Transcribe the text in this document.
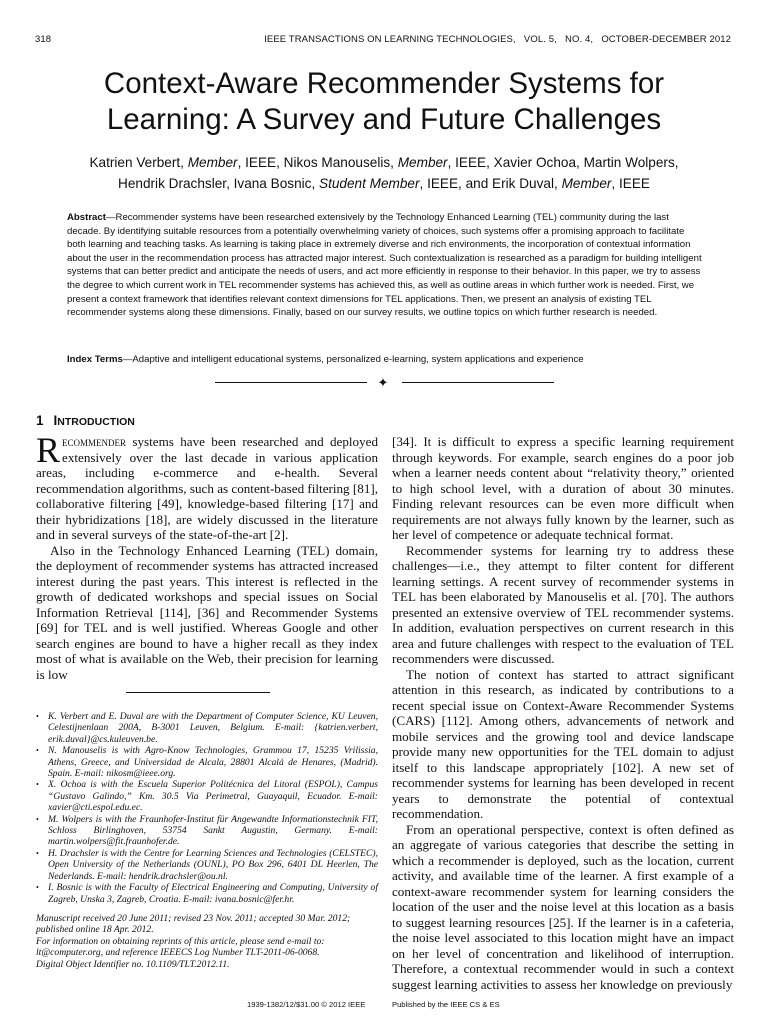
318	IEEE TRANSACTIONS ON LEARNING TECHNOLOGIES,   VOL. 5,   NO. 4,   OCTOBER-DECEMBER 2012
Context-Aware Recommender Systems for
Learning: A Survey and Future Challenges
Katrien Verbert, Member, IEEE, Nikos Manouselis, Member, IEEE, Xavier Ochoa, Martin Wolpers,
Hendrik Drachsler, Ivana Bosnic, Student Member, IEEE, and Erik Duval, Member, IEEE
Abstract—Recommender systems have been researched extensively by the Technology Enhanced Learning (TEL) community during the last decade. By identifying suitable resources from a potentially overwhelming variety of choices, such systems offer a promising approach to facilitate both learning and teaching tasks. As learning is taking place in extremely diverse and rich environments, the incorporation of contextual information about the user in the recommendation process has attracted major interest. Such contextualization is researched as a paradigm for building intelligent systems that can better predict and anticipate the needs of users, and act more efficiently in response to their behavior. In this paper, we try to assess the degree to which current work in TEL recommender systems has achieved this, as well as outline areas in which further work is needed. First, we present a context framework that identifies relevant context dimensions for TEL applications. Then, we present an analysis of existing TEL recommender systems along these dimensions. Finally, based on our survey results, we outline topics on which further research is needed.
Index Terms—Adaptive and intelligent educational systems, personalized e-learning, system applications and experience
✦
1 INTRODUCTION

Recommender systems have been researched and deployed extensively over the last decade in various application areas, including e-commerce and e-health. Several recommendation algorithms, such as content-based filtering [81], collaborative filtering [49], knowledge-based filtering [17] and their hybridizations [18], are widely discussed in the literature and in several surveys of the state-of-the-art [2].

Also in the Technology Enhanced Learning (TEL) domain, the deployment of recommender systems has attracted increased interest during the past years. This interest is reflected in the growth of dedicated workshops and special issues on Social Information Retrieval [114], [36] and Recommender Systems [69] for TEL and is well justified. Whereas Google and other search engines are bound to have a higher recall as they index most of what is available on the Web, their precision for learning is low

• K. Verbert and E. Duval are with the Department of Computer Science, KU Leuven, Celestijnenlaan 200A, B-3001 Leuven, Belgium. E-mail: {katrien.verbert, erik.duval}@cs.kuleuven.be.
• N. Manouselis is with Agro-Know Technologies, Grammou 17, 15235 Vrilissia, Athens, Greece, and Universidad de Alcala, 28801 Alcalá de Henares, (Madrid). Spain. E-mail: nikosm@ieee.org.
• X. Ochoa is with the Escuela Superior Politécnica del Litoral (ESPOL), Campus “Gustavo Galindo,” Km. 30.5 Via Perimetral, Guayaquil, Ecuador. E-mail: xavier@cti.espol.edu.ec.
• M. Wolpers is with the Fraunhofer-Institut für Angewandte Informationstechnik FIT, Schloss Birlinghoven, 53754 Sankt Augustin, Germany. E-mail: martin.wolpers@fit.fraunhofer.de.
• H. Drachsler is with the Centre for Learning Sciences and Technologies (CELSTEC), Open University of the Netherlands (OUNL), PO Box 296, 6401 DL Heerlen, The Nederlands. E-mail: hendrik.drachsler@ou.nl.
• I. Bosnic is with the Faculty of Electrical Engineering and Computing, University of Zagreb, Unska 3, Zagreb, Croatia. E-mail: ivana.bosnic@fer.hr.
Manuscript received 20 June 2011; revised 23 Nov. 2011; accepted 30 Mar. 2012; published online 18 Apr. 2012.
For information on obtaining reprints of this article, please send e-mail to: lt@computer.org, and reference IEEECS Log Number TLT-2011-06-0068.
Digital Object Identifier no. 10.1109/TLT.2012.11.

[34]. It is difficult to express a specific learning requirement through keywords. For example, search engines do a poor job when a learner needs content about “relativity theory,” oriented to high school level, with a duration of about 30 minutes. Finding relevant resources can be even more difficult when requirements are not always fully known by the learner, such as her level of competence or adequate technical format.

Recommender systems for learning try to address these challenges—i.e., they attempt to filter content for different learning settings. A recent survey of recommender systems in TEL has been elaborated by Manouselis et al. [70]. The authors presented an extensive overview of TEL recommender systems. In addition, evaluation perspectives on current research in this area and future challenges with respect to the evaluation of TEL recommenders were discussed.

The notion of context has started to attract significant attention in this research, as indicated by contributions to a recent special issue on Context-Aware Recommender Systems (CARS) [112]. Among others, advancements of network and mobile services and the growing tool and device landscape provide many new opportunities for the TEL domain to adjust itself to this landscape appropriately [102]. A new set of recommender systems for learning has been developed in recent years to demonstrate the potential of contextual recommendation.

From an operational perspective, context is often defined as an aggregate of various categories that describe the setting in which a recommender is deployed, such as the location, current activity, and available time of the learner. A first example of a context-aware recommender system for learning considers the location of the user and the noise level at this location as a basis to suggest learning resources [25]. If the learner is in a cafeteria, the noise level associated to this location might have an impact on her level of concentration and likelihood of interruption. Therefore, a contextual recommender would in such a context suggest learning activities to assess her knowledge on previously

1939-1382/12/$31.00 © 2012 IEEE	Published by the IEEE CS & ES
